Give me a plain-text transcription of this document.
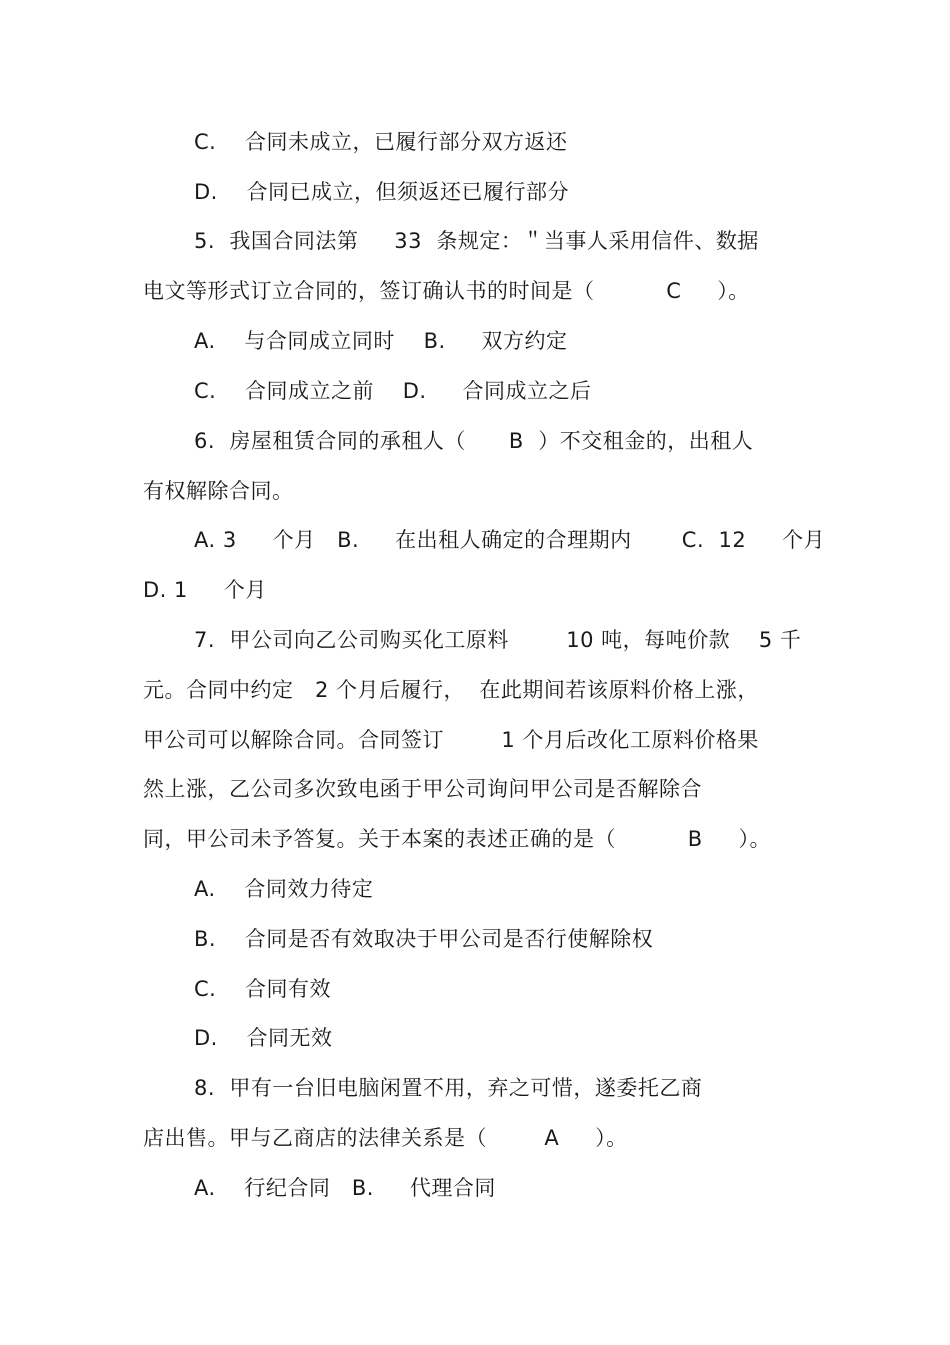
C.    合同未成立，已履行部分双方返还
D.    合同已成立，但须返还已履行部分
5.  我国合同法第     33  条规定：＂当事人采用信件、数据
电文等形式订立合同的，签订确认书的时间是（          C     ）。
A.    与合同成立同时    B.     双方约定
C.    合同成立之前    D.     合同成立之后
6.  房屋租赁合同的承租人（      B  ）不交租金的，出租人
有权解除合同。
A. 3     个月   B.     在出租人确定的合理期内       C.  12     个月
D. 1     个月
7.  甲公司向乙公司购买化工原料        10 吨，每吨价款    5 千
元。合同中约定   2 个月后履行，  在此期间若该原料价格上涨，
甲公司可以解除合同。合同签订        1 个月后改化工原料价格果
然上涨，乙公司多次致电函于甲公司询问甲公司是否解除合
同，甲公司未予答复。关于本案的表述正确的是（          B     ）。
A.    合同效力待定
B.    合同是否有效取决于甲公司是否行使解除权
C.    合同有效
D.    合同无效
8.  甲有一台旧电脑闲置不用，弃之可惜，遂委托乙商
店出售。甲与乙商店的法律关系是（        A     ）。
A.    行纪合同   B.     代理合同
